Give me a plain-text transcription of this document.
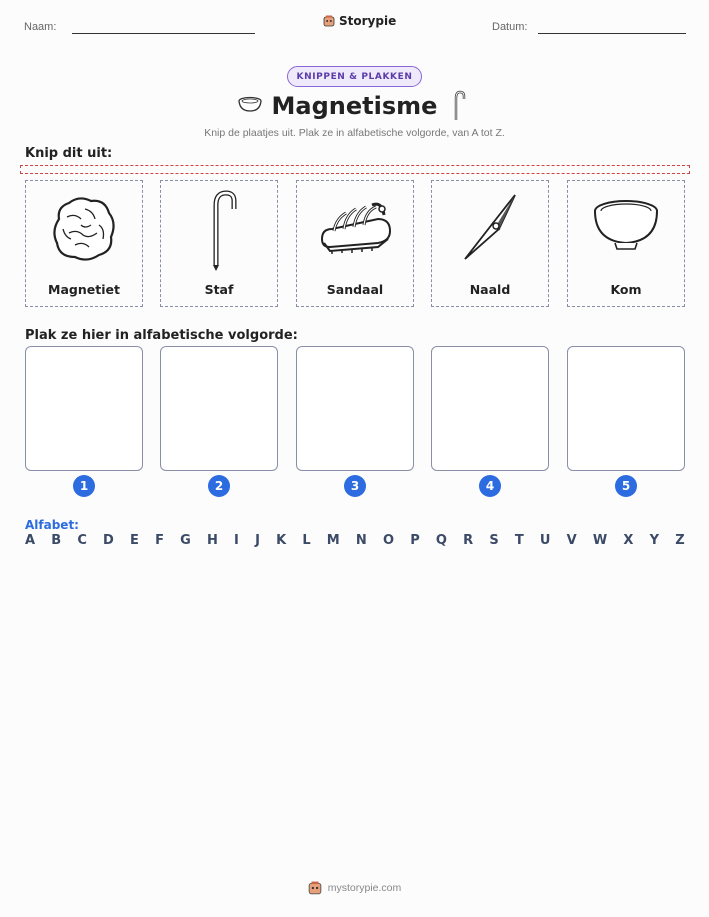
Naam:	Storypie	Datum:
KNIPPEN & PLAKKEN
Magnetisme
Knip de plaatjes uit. Plak ze in alfabetische volgorde, van A tot Z.
Knip dit uit:
Magnetiet	Staf	Sandaal	Naald	Kom
Plak ze hier in alfabetische volgorde:
1	2	3	4	5
Alfabet:
A B C D E F G H I J K L M N O P Q R S T U V W X Y Z
mystorypie.com
